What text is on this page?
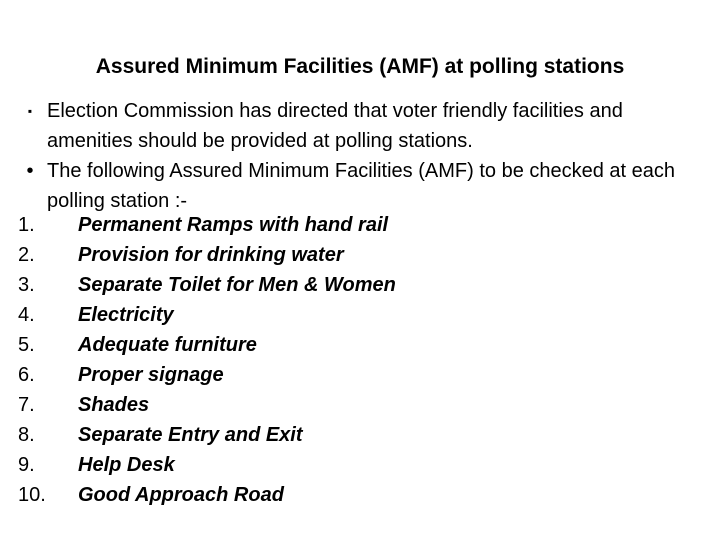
Assured Minimum Facilities (AMF) at polling stations
▪ Election Commission has directed that voter friendly facilities and amenities should be provided at polling stations.
• The following Assured Minimum Facilities (AMF) to be checked at each polling station :-
1. Permanent Ramps with hand rail
2. Provision for drinking water
3. Separate Toilet for Men & Women
4. Electricity
5. Adequate furniture
6. Proper signage
7. Shades
8. Separate Entry and Exit
9. Help Desk
10. Good Approach Road
